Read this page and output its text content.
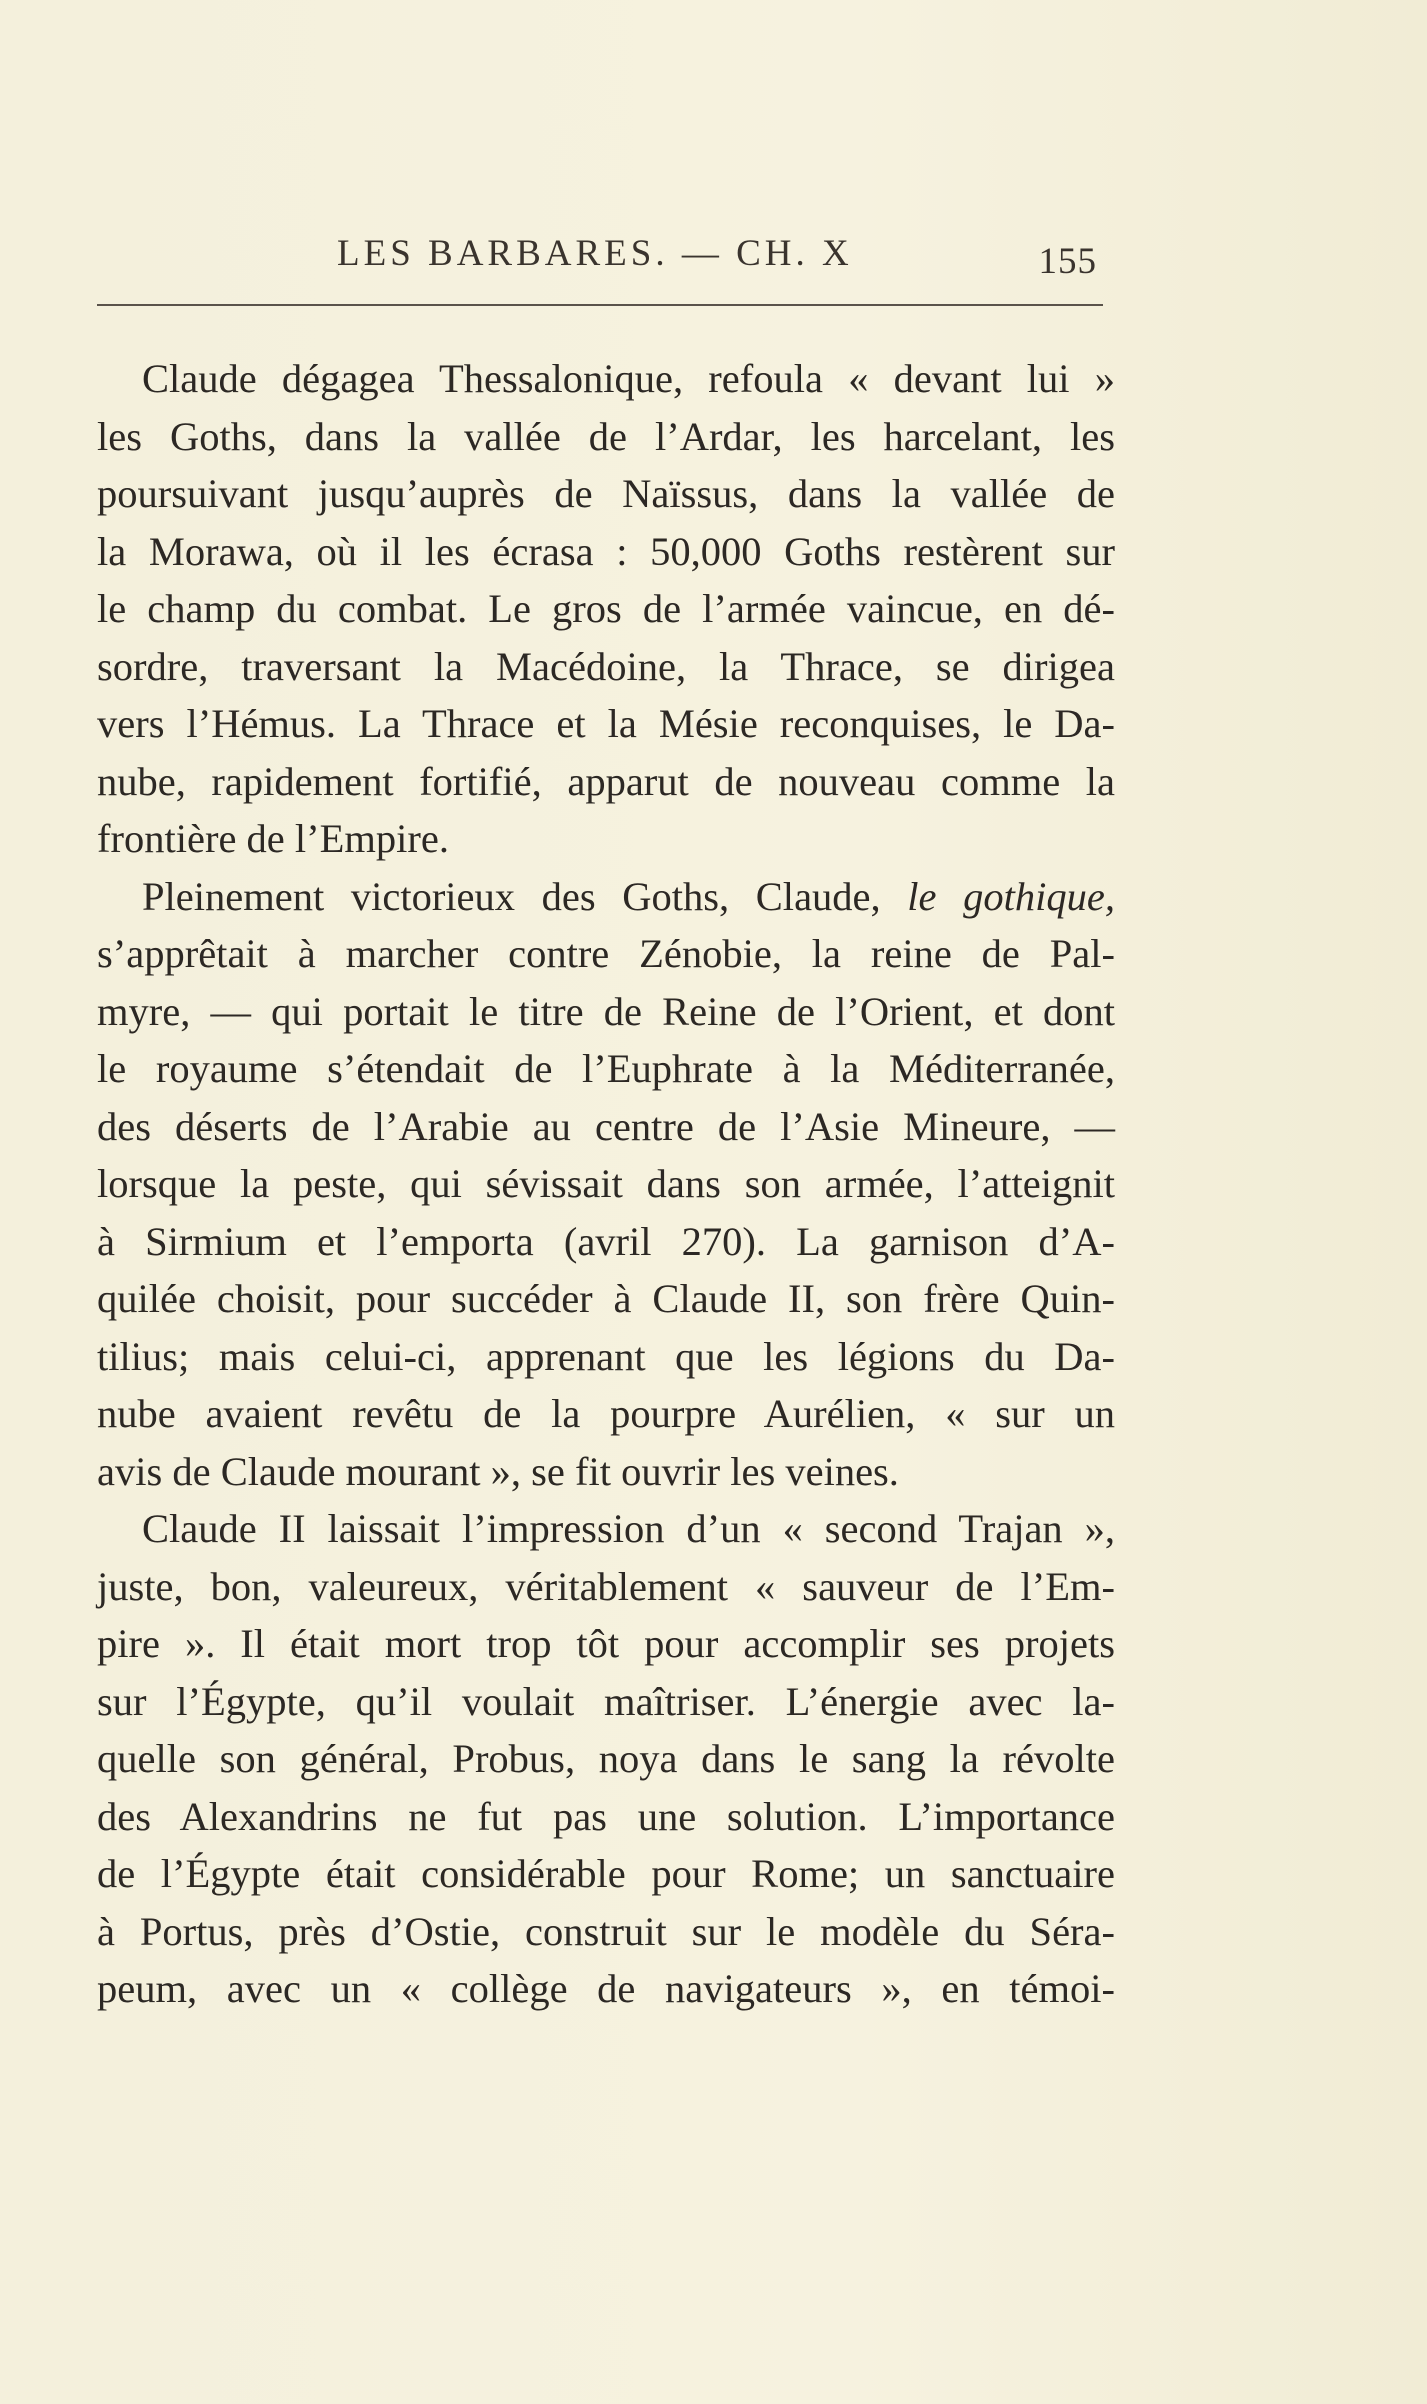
LES BARBARES. — CH. X	155
Claude dégagea Thessalonique, refoula « devant lui »
les Goths, dans la vallée de l’Ardar, les harcelant, les
poursuivant jusqu’auprès de Naïssus, dans la vallée de
la Morawa, où il les écrasa : 50,000 Goths restèrent sur
le champ du combat. Le gros de l’armée vaincue, en dé-
sordre, traversant la Macédoine, la Thrace, se dirigea
vers l’Hémus. La Thrace et la Mésie reconquises, le Da-
nube, rapidement fortifié, apparut de nouveau comme la
frontière de l’Empire.
Pleinement victorieux des Goths, Claude, le gothique,
s’apprêtait à marcher contre Zénobie, la reine de Pal-
myre, — qui portait le titre de Reine de l’Orient, et dont
le royaume s’étendait de l’Euphrate à la Méditerranée,
des déserts de l’Arabie au centre de l’Asie Mineure, —
lorsque la peste, qui sévissait dans son armée, l’atteignit
à Sirmium et l’emporta (avril 270). La garnison d’A-
quilée choisit, pour succéder à Claude II, son frère Quin-
tilius; mais celui-ci, apprenant que les légions du Da-
nube avaient revêtu de la pourpre Aurélien, « sur un
avis de Claude mourant », se fit ouvrir les veines.
Claude II laissait l’impression d’un « second Trajan »,
juste, bon, valeureux, véritablement « sauveur de l’Em-
pire ». Il était mort trop tôt pour accomplir ses projets
sur l’Égypte, qu’il voulait maîtriser. L’énergie avec la-
quelle son général, Probus, noya dans le sang la révolte
des Alexandrins ne fut pas une solution. L’importance
de l’Égypte était considérable pour Rome; un sanctuaire
à Portus, près d’Ostie, construit sur le modèle du Séra-
peum, avec un « collège de navigateurs », en témoi-
